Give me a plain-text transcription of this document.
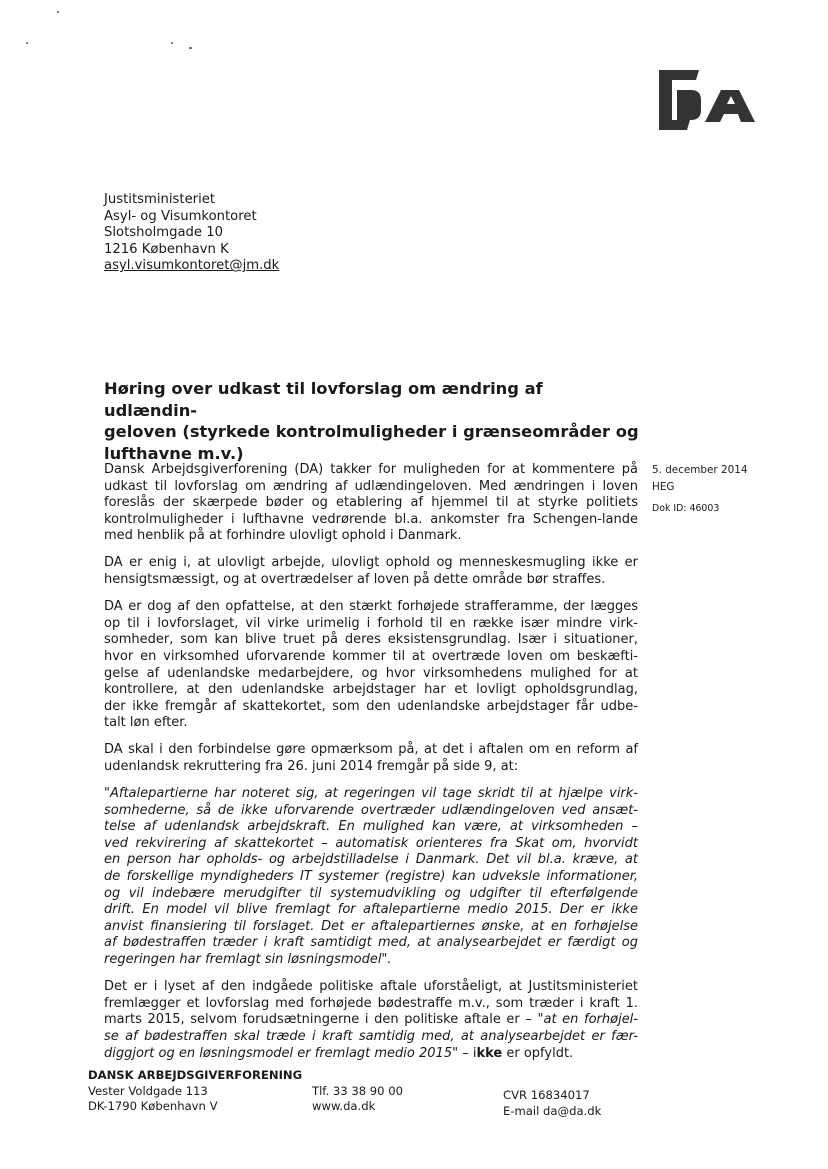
Justitsministeriet
Asyl- og Visumkontoret
Slotsholmgade 10
1216 København K
asyl.visumkontoret@jm.dk
Høring over udkast til lovforslag om ændring af udlændin-
geloven (styrkede kontrolmuligheder i grænseområder og
lufthavne m.v.)
5. december 2014
HEG
Dok ID: 46003
Dansk Arbejdsgiverforening (DA) takker for muligheden for at kommentere på
udkast til lovforslag om ændring af udlændingeloven. Med ændringen i loven
foreslås der skærpede bøder og etablering af hjemmel til at styrke politiets
kontrolmuligheder i lufthavne vedrørende bl.a. ankomster fra Schengen-lande
med henblik på at forhindre ulovligt ophold i Danmark.
DA er enig i, at ulovligt arbejde, ulovligt ophold og menneskesmugling ikke er
hensigtsmæssigt, og at overtrædelser af loven på dette område bør straffes.
DA er dog af den opfattelse, at den stærkt forhøjede strafferamme, der lægges
op til i lovforslaget, vil virke urimelig i forhold til en række især mindre virk-
somheder, som kan blive truet på deres eksistensgrundlag. Især i situationer,
hvor en virksomhed uforvarende kommer til at overtræde loven om beskæfti-
gelse af udenlandske medarbejdere, og hvor virksomhedens mulighed for at
kontrollere, at den udenlandske arbejdstager har et lovligt opholdsgrundlag,
der ikke fremgår af skattekortet, som den udenlandske arbejdstager får udbe-
talt løn efter.
DA skal i den forbindelse gøre opmærksom på, at det i aftalen om en reform af
udenlandsk rekruttering fra 26. juni 2014 fremgår på side 9, at:
"Aftalepartierne har noteret sig, at regeringen vil tage skridt til at hjælpe virk-
somhederne, så de ikke uforvarende overtræder udlændingeloven ved ansæt-
telse af udenlandsk arbejdskraft. En mulighed kan være, at virksomheden –
ved rekvirering af skattekortet – automatisk orienteres fra Skat om, hvorvidt
en person har opholds- og arbejdstilladelse i Danmark. Det vil bl.a. kræve, at
de forskellige myndigheders IT systemer (registre) kan udveksle informationer,
og vil indebære merudgifter til systemudvikling og udgifter til efterfølgende
drift. En model vil blive fremlagt for aftalepartierne medio 2015. Der er ikke
anvist finansiering til forslaget. Det er aftalepartiernes ønske, at en forhøjelse
af bødestraffen træder i kraft samtidigt med, at analysearbejdet er færdigt og
regeringen har fremlagt sin løsningsmodel".
Det er i lyset af den indgåede politiske aftale uforståeligt, at Justitsministeriet
fremlægger et lovforslag med forhøjede bødestraffe m.v., som træder i kraft 1.
marts 2015, selvom forudsætningerne i den politiske aftale er – "at en forhøjel-
se af bødestraffen skal træde i kraft samtidig med, at analysearbejdet er fær-
diggjort og en løsningsmodel er fremlagt medio 2015" – ikke er opfyldt.
DANSK ARBEJDSGIVERFORENING
Vester Voldgade 113
DK-1790 København V
Tlf. 33 38 90 00
www.da.dk
CVR 16834017
E-mail da@da.dk
